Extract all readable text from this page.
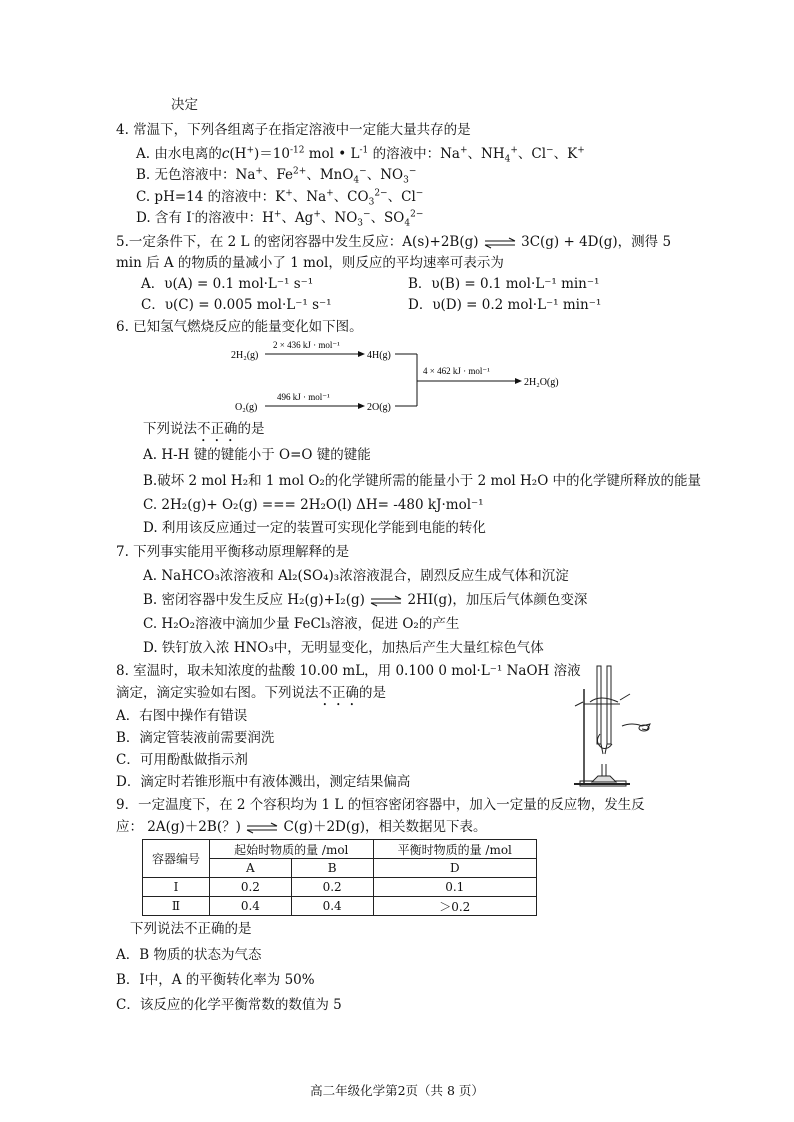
决定
4. 常温下，下列各组离子在指定溶液中一定能大量共存的是
A. 由水电离的$c(H^+)=10^{-12}$ mol • $L^{-1}$ 的溶液中：Na+、$NH_4^+$、Cl−、K+
B. 无色溶液中：Na+、$Fe^{2+}$、MnO$_4$−、$NO_3^-$
C. pH=14 的溶液中：K+、Na+、$CO_3^{2-}$、Cl−
D. 含有 I-的溶液中：H+、Ag+、$NO_3^-$、$SO_4^{2-}$
5.一定条件下，在 2 L 的密闭容器中发生反应：A(s)+2B(g) ⇌ 3C(g) + 4D(g)，测得 5
min 后 A 的物质的量减小了 1 mol，则反应的平均速率可表示为
A．υ(A) = 0.1 mol·L⁻¹ s⁻¹	B．υ(B) = 0.1 mol·L⁻¹ min⁻¹
C．υ(C) = 0.005 mol·L⁻¹ s⁻¹	D．υ(D) = 0.2 mol·L⁻¹ min⁻¹
6. 已知氢气燃烧反应的能量变化如下图。
2H₂(g)
2 × 436 kJ · mol⁻¹
4H(g)
O₂(g)
496 kJ · mol⁻¹
2O(g)
4 × 462 kJ · mol⁻¹
2H₂O(g)
下列说法不正确的是
A. H-H 键的键能小于 O=O 键的键能
B.破坏 2 mol H₂和 1 mol O₂的化学键所需的能量小于 2 mol H₂O 中的化学键所释放的能量
C. 2H₂(g)+ O₂(g) === 2H₂O(l) ΔH= -480 kJ·mol⁻¹
D. 利用该反应通过一定的装置可实现化学能到电能的转化
7. 下列事实能用平衡移动原理解释的是
A. NaHCO₃浓溶液和 Al₂(SO₄)₃浓溶液混合，剧烈反应生成气体和沉淀
B. 密闭容器中发生反应 H₂(g)+I₂(g) ⇌ 2HI(g)，加压后气体颜色变深
C. H₂O₂溶液中滴加少量 FeCl₃溶液，促进 O₂的产生
D. 铁钉放入浓 HNO₃中，无明显变化，加热后产生大量红棕色气体
8. 室温时，取未知浓度的盐酸 10.00 mL，用 0.100 0 mol·L⁻¹ NaOH 溶液
滴定，滴定实验如右图。下列说法不正确的是
A．右图中操作有错误
B．滴定管装液前需要润洗
C．可用酚酞做指示剂
D．滴定时若锥形瓶中有液体溅出，测定结果偏高
9．一定温度下，在 2 个容积均为 1 L 的恒容密闭容器中，加入一定量的反应物，发生反
应： 2A(g)＋2B(？) ⇌ C(g)＋2D(g)，相关数据见下表。
容器编号	起始时物质的量 /mol		平衡时物质的量 /mol
	A	B	D
Ⅰ	0.2	0.2	0.1
Ⅱ	0.4	0.4	＞0.2
下列说法不正确的是
A．B 物质的状态为气态
B．I中，A 的平衡转化率为 50%
C．该反应的化学平衡常数的数值为 5
高二年级化学第2页（共 8 页）
